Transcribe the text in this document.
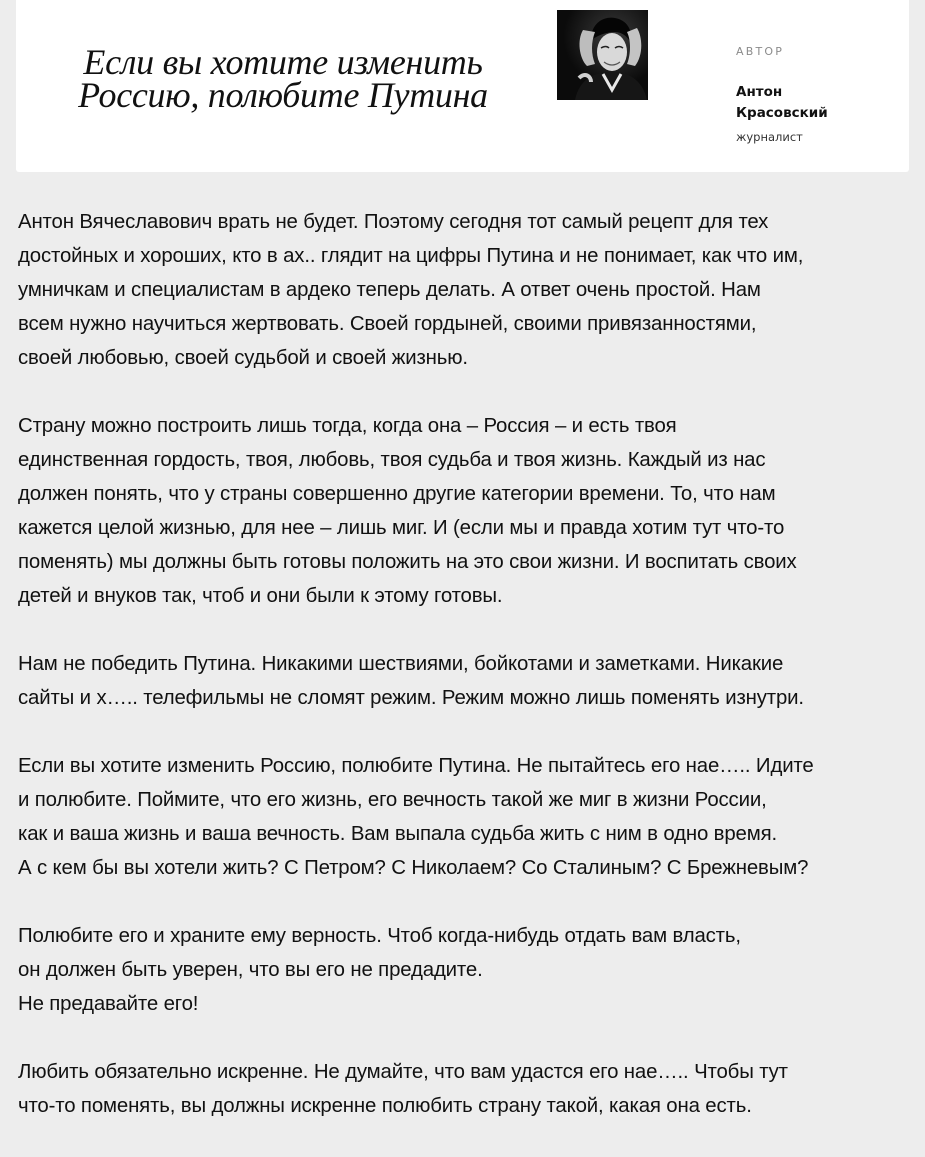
Если вы хотите изменить
Россию, полюбите Путина
АВТОР
Антон
Красовский
журналист

Антон Вячеславович врать не будет. Поэтому сегодня тот самый рецепт для тех
достойных и хороших, кто в ах.. глядит на цифры Путина и не понимает, как что им,
умничкам и специалистам в ардеко теперь делать. А ответ очень простой. Нам
всем нужно научиться жертвовать. Своей гордыней, своими привязанностями,
своей любовью, своей судьбой и своей жизнью.

Страну можно построить лишь тогда, когда она – Россия – и есть твоя
единственная гордость, твоя, любовь, твоя судьба и твоя жизнь. Каждый из нас
должен понять, что у страны совершенно другие категории времени. То, что нам
кажется целой жизнью, для нее – лишь миг. И (если мы и правда хотим тут что-то
поменять) мы должны быть готовы положить на это свои жизни. И воспитать своих
детей и внуков так, чтоб и они были к этому готовы.

Нам не победить Путина. Никакими шествиями, бойкотами и заметками. Никакие
сайты и х….. телефильмы не сломят режим. Режим можно лишь поменять изнутри.

Если вы хотите изменить Россию, полюбите Путина. Не пытайтесь его нае….. Идите
и полюбите. Поймите, что его жизнь, его вечность такой же миг в жизни России,
как и ваша жизнь и ваша вечность. Вам выпала судьба жить с ним в одно время.
А с кем бы вы хотели жить? С Петром? С Николаем? Со Сталиным? С Брежневым?

Полюбите его и храните ему верность. Чтоб когда-нибудь отдать вам власть,
он должен быть уверен, что вы его не предадите.
Не предавайте его!

Любить обязательно искренне. Не думайте, что вам удастся его нае….. Чтобы тут
что-то поменять, вы должны искренне полюбить страну такой, какая она есть.
